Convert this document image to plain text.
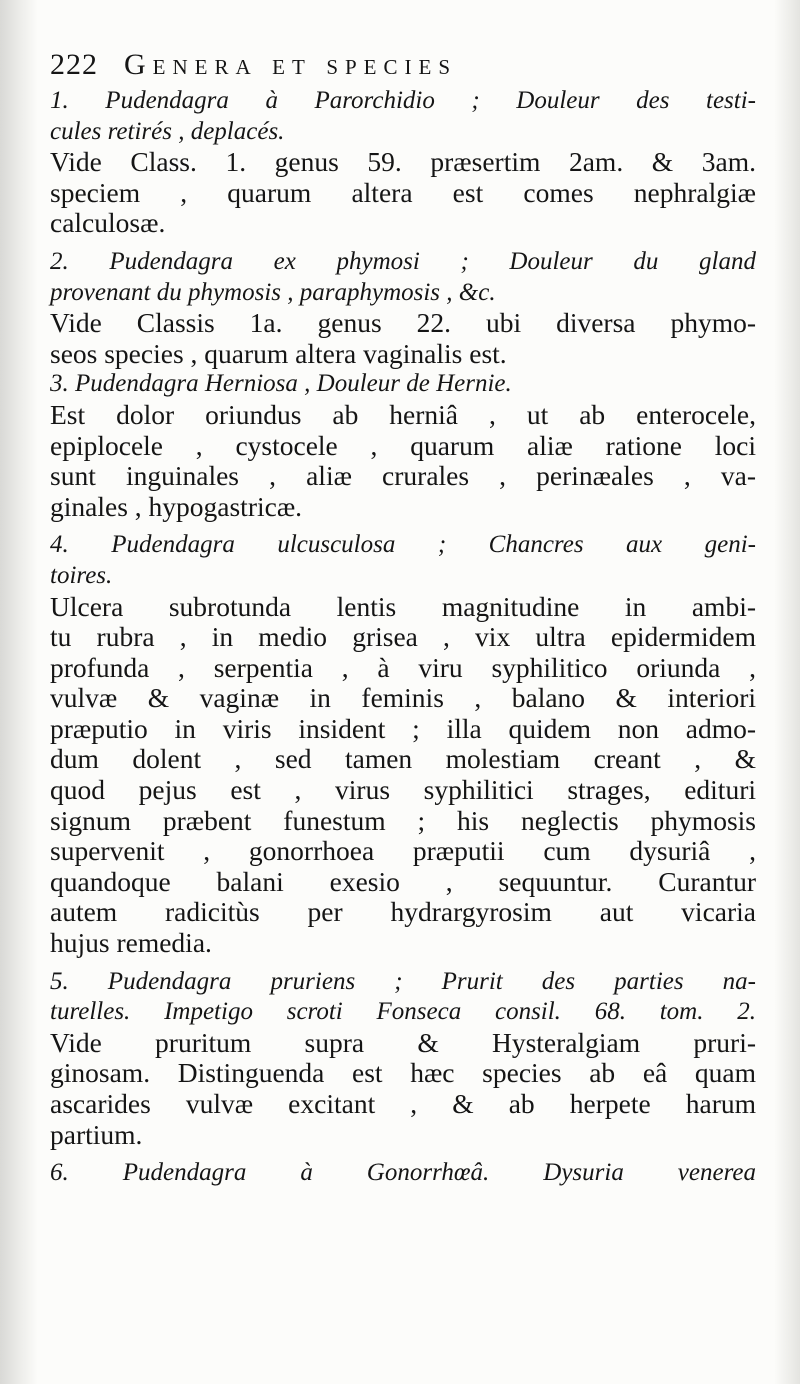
222 Genera et species
1. Pudendagra à Parorchidio ; Douleur des testi-
cules retirés , deplacés.
Vide Class. 1. genus 59. præsertim 2am. & 3am.
speciem , quarum altera est comes nephralgiæ
calculosæ.
2. Pudendagra ex phymosi ; Douleur du gland
provenant du phymosis , paraphymosis , &c.
Vide Classis 1a. genus 22. ubi diversa phymo-
seos species , quarum altera vaginalis est.
3. Pudendagra Herniosa , Douleur de Hernie.
Est dolor oriundus ab herniâ , ut ab enterocele,
epiplocele , cystocele , quarum aliæ ratione loci
sunt inguinales , aliæ crurales , perinæales , va-
ginales , hypogastricæ.
4. Pudendagra ulcusculosa ; Chancres aux geni-
toires.
Ulcera subrotunda lentis magnitudine in ambi-
tu rubra , in medio grisea , vix ultra epidermidem
profunda , serpentia , à viru syphilitico oriunda ,
vulvæ & vaginæ in feminis , balano & interiori
præputio in viris insident ; illa quidem non admo-
dum dolent , sed tamen molestiam creant , &
quod pejus est , virus syphilitici strages, edituri
signum præbent funestum ; his neglectis phymosis
supervenit , gonorrhoea præputii cum dysuriâ ,
quandoque balani exesio , sequuntur. Curantur
autem radicitùs per hydrargyrosim aut vicaria
hujus remedia.
5. Pudendagra pruriens ; Prurit des parties na-
turelles. Impetigo scroti Fonseca consil. 68. tom. 2.
Vide pruritum supra & Hysteralgiam pruri-
ginosam. Distinguenda est hæc species ab eâ quam
ascarides vulvæ excitant , & ab herpete harum
partium.
6. Pudendagra à Gonorrhœâ. Dysuria venerea
